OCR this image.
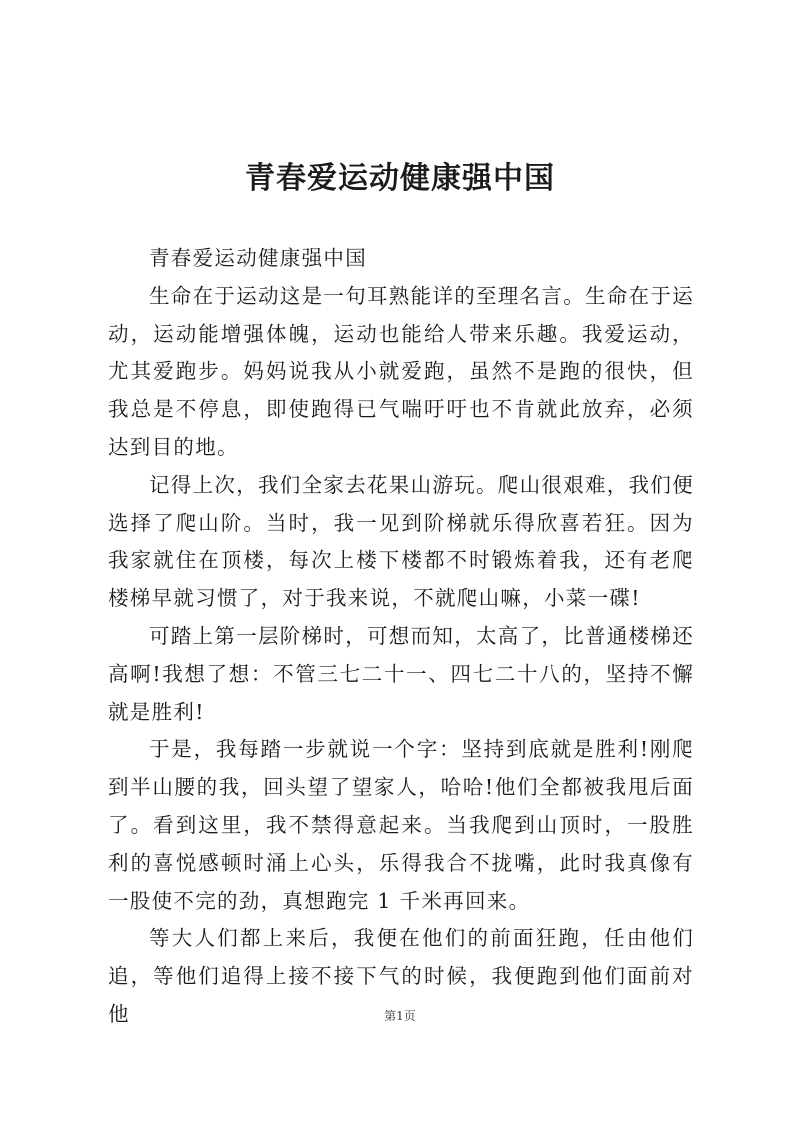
青春爱运动健康强中国

青春爱运动健康强中国

生命在于运动这是一句耳熟能详的至理名言。生命在于运动，运动能增强体魄，运动也能给人带来乐趣。我爱运动，尤其爱跑步。妈妈说我从小就爱跑，虽然不是跑的很快，但我总是不停息，即使跑得已气喘吁吁也不肯就此放弃，必须达到目的地。

记得上次，我们全家去花果山游玩。爬山很艰难，我们便选择了爬山阶。当时，我一见到阶梯就乐得欣喜若狂。因为我家就住在顶楼，每次上楼下楼都不时锻炼着我，还有老爬楼梯早就习惯了，对于我来说，不就爬山嘛，小菜一碟!

可踏上第一层阶梯时，可想而知，太高了，比普通楼梯还高啊!我想了想：不管三七二十一、四七二十八的，坚持不懈就是胜利!

于是，我每踏一步就说一个字：坚持到底就是胜利!刚爬到半山腰的我，回头望了望家人，哈哈!他们全都被我甩后面了。看到这里，我不禁得意起来。当我爬到山顶时，一股胜利的喜悦感顿时涌上心头，乐得我合不拢嘴，此时我真像有一股使不完的劲，真想跑完 1 千米再回来。

等大人们都上来后，我便在他们的前面狂跑，任由他们追，等他们追得上接不接下气的时候，我便跑到他们面前对他	第1页
